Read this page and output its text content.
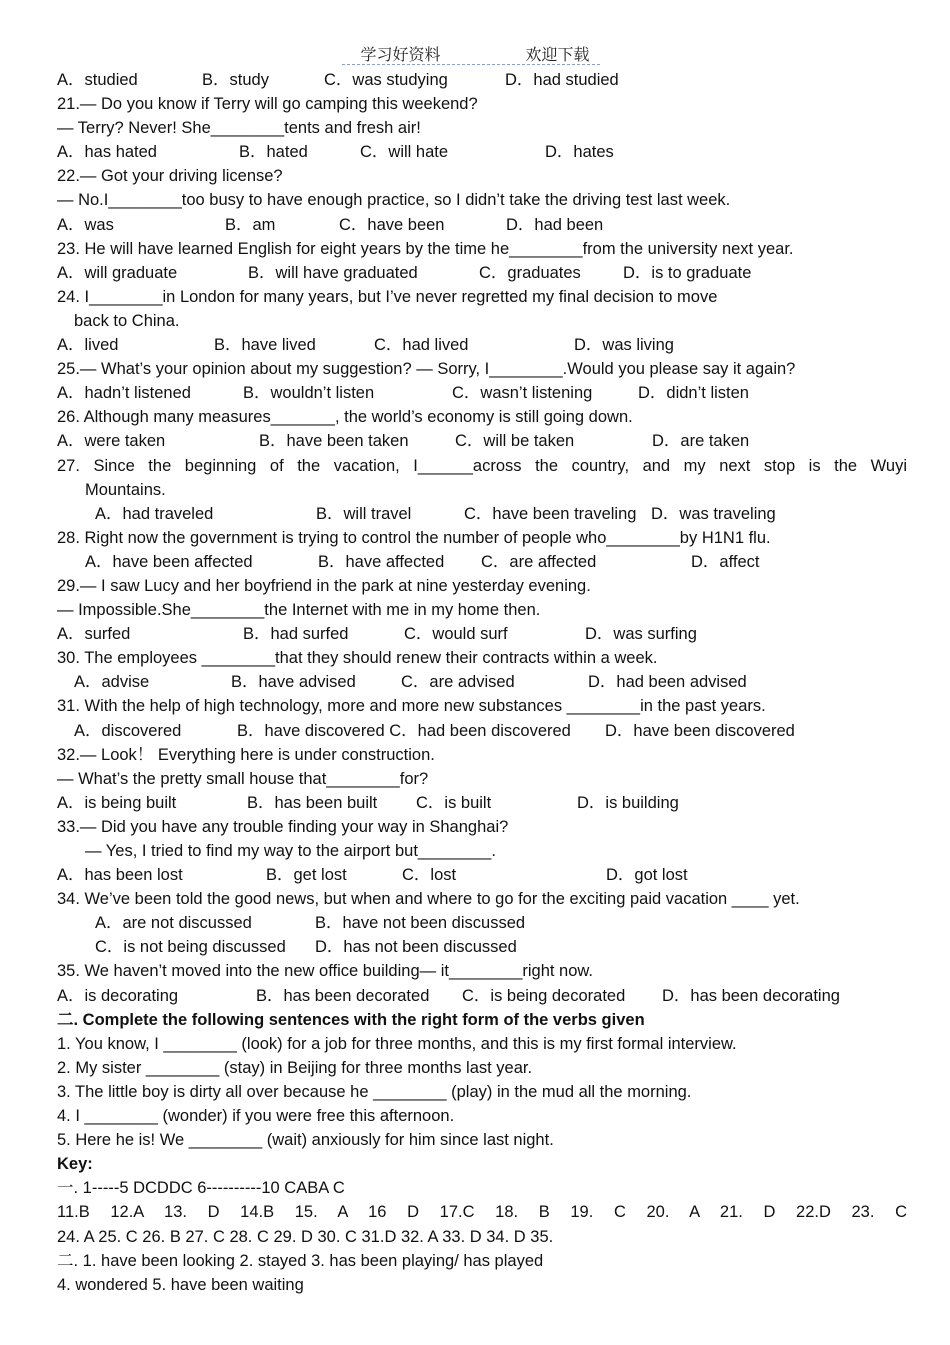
学习好资料	欢迎下载
A．studied	B．study	C．was studying	D．had studied
21.— Do you know if Terry will go camping this weekend?
— Terry? Never! She________tents and fresh air!
A．has hated	B．hated	C．will hate	D．hates
22.— Got your driving license?
— No.I________too busy to have enough practice, so I didn’t take the driving test last week.
A．was	B．am	C．have been	D．had been
23. He will have learned English for eight years by the time he________from the university next year.
A．will graduate	B．will have graduated	C．graduates	D．is to graduate
24. I________in London for many years, but I’ve never regretted my final decision to move
back to China.
A．lived	B．have lived	C．had lived	D．was living
25.— What’s your opinion about my suggestion? — Sorry, I________.Would you please say it again?
A．hadn’t listened	B．wouldn’t listen	C．wasn’t listening	D．didn’t listen
26. Although many measures_______, the world’s economy is still going down.
A．were taken	B．have been taken	C．will be taken	D．are taken
27. Since the beginning of the vacation, I______across the country, and my next stop is the Wuyi
Mountains.
A．had traveled	B．will travel	C．have been traveling D．was traveling
28. Right now the government is trying to control the number of people who________by H1N1 flu.
A．have been affected	B．have affected	C．are affected	D．affect
29.— I saw Lucy and her boyfriend in the park at nine yesterday evening.
— Impossible.She________the Internet with me in my home then.
A．surfed	B．had surfed	C．would surf	D．was surfing
30. The employees ________that they should renew their contracts within a week.
A．advise	B．have advised	C．are advised	D．had been advised
31. With the help of high technology, more and more new substances ________in the past years.
A．discovered	B．have discovered C．had been discovered	D．have been discovered
32.— Look！ Everything here is under construction.
— What’s the pretty small house that________for?
A．is being built	B．has been built	C．is built	D．is building
33.— Did you have any trouble finding your way in Shanghai?
— Yes, I tried to find my way to the airport but________.
A．has been lost	B．get lost	C．lost	D．got lost
34. We’ve been told the good news, but when and where to go for the exciting paid vacation ____ yet.
A．are not discussed	B．have not been discussed
C．is not being discussed	D．has not been discussed
35. We haven’t moved into the new office building— it________right now.
A．is decorating	B．has been decorated	C．is being decorated	D．has been decorating
二. Complete the following sentences with the right form of the verbs given
1. You know, I ________ (look) for a job for three months, and this is my first formal interview.
2. My sister ________ (stay) in Beijing for three months last year.
3. The little boy is dirty all over because he ________ (play) in the mud all the morning.
4. I ________ (wonder) if you were free this afternoon.
5. Here he is! We ________ (wait) anxiously for him since last night.
Key:
一. 1-----5 DCDDC 6----------10 CABA C
11.B 12.A 13. D 14.B 15. A 16 D 17.C 18. B 19. C 20. A 21. D 22.D 23. C
24. A 25. C 26. B 27. C 28. C 29. D 30. C 31.D 32. A 33. D 34. D 35.
二. 1. have been looking 2. stayed 3. has been playing/ has played
4. wondered 5. have been waiting
